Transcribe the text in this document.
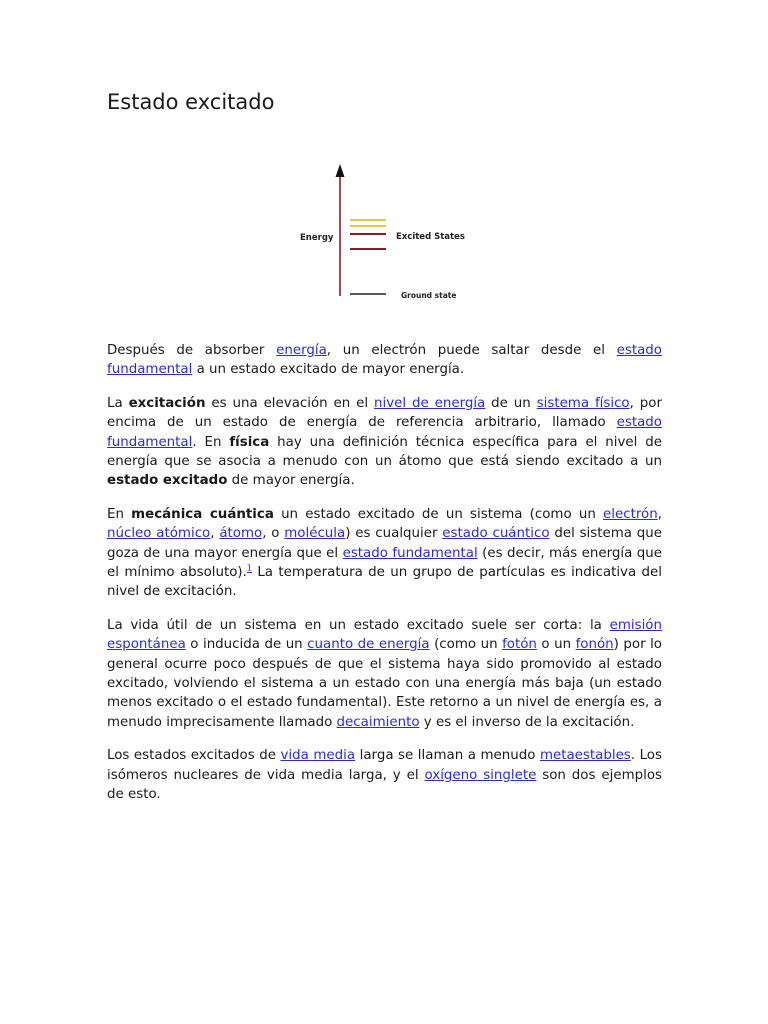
Estado excitado
Energy	Excited States
Ground state

Después de absorber energía, un electrón puede saltar desde el estado fundamental a un estado excitado de mayor energía.

La excitación es una elevación en el nivel de energía de un sistema físico, por encima de un estado de energía de referencia arbitrario, llamado estado fundamental. En física hay una definición técnica específica para el nivel de energía que se asocia a menudo con un átomo que está siendo excitado a un estado excitado de mayor energía.

En mecánica cuántica un estado excitado de un sistema (como un electrón, núcleo atómico, átomo, o molécula) es cualquier estado cuántico del sistema que goza de una mayor energía que el estado fundamental (es decir, más energía que el mínimo absoluto).$^1$ La temperatura de un grupo de partículas es indicativa del nivel de excitación.

La vida útil de un sistema en un estado excitado suele ser corta: la emisión espontánea o inducida de un cuanto de energía (como un fotón o un fonón) por lo general ocurre poco después de que el sistema haya sido promovido al estado excitado, volviendo el sistema a un estado con una energía más baja (un estado menos excitado o el estado fundamental). Este retorno a un nivel de energía es, a menudo imprecisamente llamado decaimiento y es el inverso de la excitación.

Los estados excitados de vida media larga se llaman a menudo metaestables. Los isómeros nucleares de vida media larga, y el oxígeno singlete son dos ejemplos de esto.
